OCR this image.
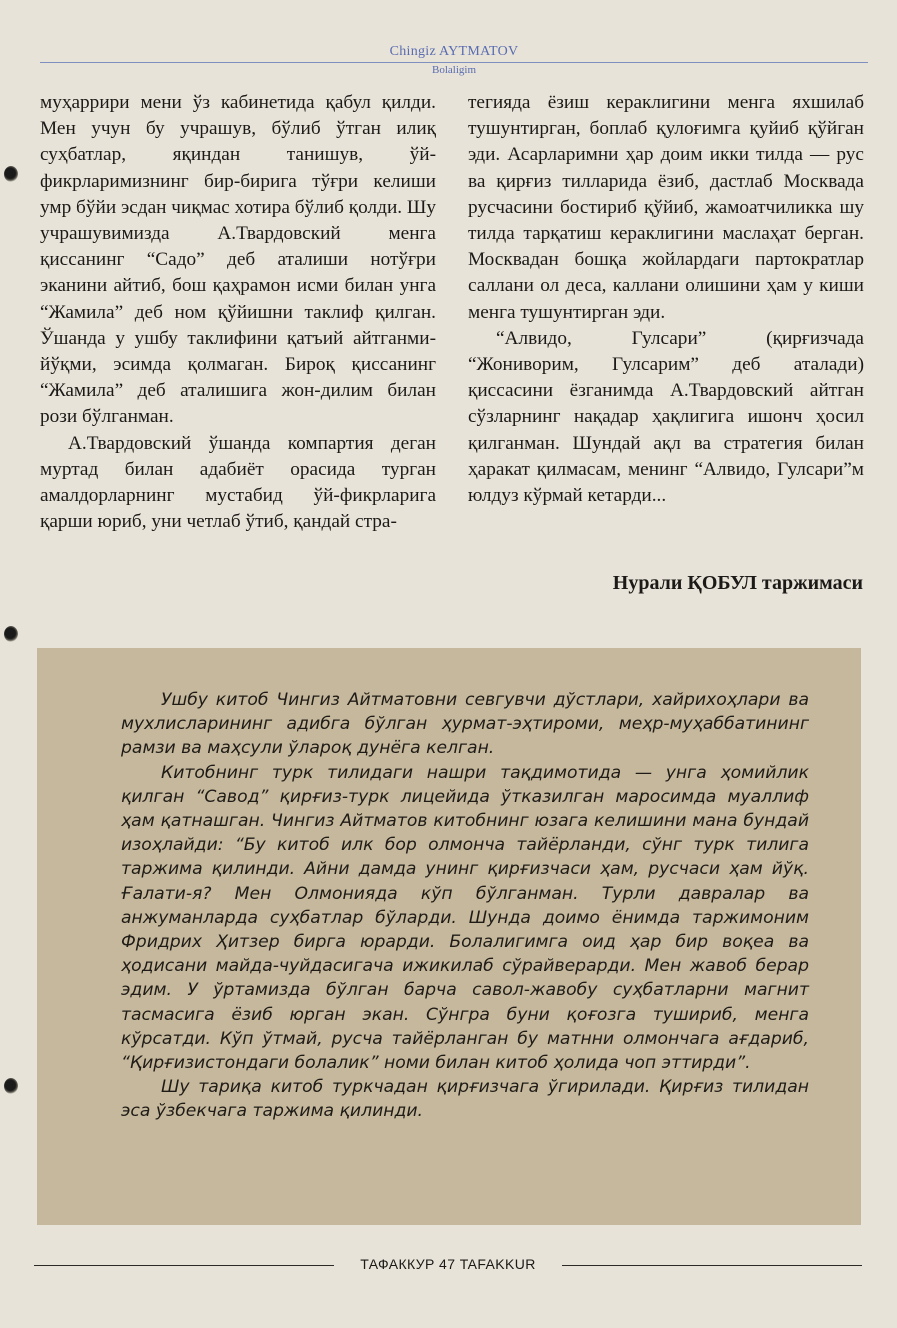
Chingiz AYTMATOV
Bolaligim

муҳаррири мени ўз кабинетида қабул қилди. Мен учун бу учрашув, бўлиб ўтган илиқ суҳбатлар, яқиндан танишув, ўй-фикрларимизнинг бир-бирига тўғри келиши умр бўйи эсдан чиқмас хотира бўлиб қолди. Шу учрашувимизда А.Твардовский менга қиссанинг “Садо” деб аталиши нотўғри эканини айтиб, бош қаҳрамон исми билан унга “Жамила” деб ном қўйишни таклиф қилган. Ўшанда у ушбу таклифини қатъий айтганми-йўқми, эсимда қолмаган. Бироқ қиссанинг “Жамила” деб аталишига жон-дилим билан рози бўлганман.

А.Твардовский ўшанда компартия деган муртад билан адабиёт орасида турган амалдорларнинг мустабид ўй-фикрларига қарши юриб, уни четлаб ўтиб, қандай стра-

тегияда ёзиш кераклигини менга яхшилаб тушунтирган, боплаб қулоғимга қуйиб қўйган эди. Асарларимни ҳар доим икки тилда — рус ва қирғиз тилларида ёзиб, дастлаб Москвада русчасини бостириб қўйиб, жамоатчиликка шу тилда тарқатиш кераклигини маслаҳат берган. Москвадан бошқа жойлардаги партократлар саллани ол деса, каллани олишини ҳам у киши менга тушунтирган эди.

“Алвидо, Гулсари” (қирғизчада “Жониворим, Гулсарим” деб аталади) қиссасини ёзганимда А.Твардовский айтган сўзларнинг нақадар ҳақлигига ишонч ҳосил қилганман. Шундай ақл ва стратегия билан ҳаракат қилмасам, менинг “Алвидо, Гулсари”м юлдуз кўрмай кетарди...

Нурали ҚОБУЛ таржимаси

Ушбу китоб Чингиз Айтматовни севгувчи дўстлари, хайрихоҳлари ва мухлисларининг адибга бўлган ҳурмат-эҳтироми, меҳр-муҳаббатининг рамзи ва маҳсули ўлароқ дунёга келган.

Китобнинг турк тилидаги нашри тақдимотида — унга ҳомийлик қилган “Савод” қирғиз-турк лицейида ўтказилган маросимда муаллиф ҳам қатнашган. Чингиз Айтматов китобнинг юзага келишини мана бундай изоҳлайди: “Бу китоб илк бор олмонча тайёрланди, сўнг турк тилига таржима қилинди. Айни дамда унинг қирғизчаси ҳам, русчаси ҳам йўқ. Ғалати-я? Мен Олмонияда кўп бўлганман. Турли давралар ва анжуманларда суҳбатлар бўларди. Шунда доимо ёнимда таржимоним Фридрих Ҳитзер бирга юрарди. Болалигимга оид ҳар бир воқеа ва ҳодисани майда-чуйдасигача ижикилаб сўрайверарди. Мен жавоб берар эдим. У ўртамизда бўлган барча савол-жавобу суҳбатларни магнит тасмасига ёзиб юрган экан. Сўнгра буни қоғозга тушириб, менга кўрсатди. Кўп ўтмай, русча тайёрланган бу матнни олмончага ағдариб, “Қирғизистондаги болалик” номи билан китоб ҳолида чоп эттирди”.

Шу тариқа китоб туркчадан қирғизчага ўгирилади. Қирғиз тилидан эса ўзбекчага таржима қилинди.

ТАФАККУР 47 TAFAKKUR
